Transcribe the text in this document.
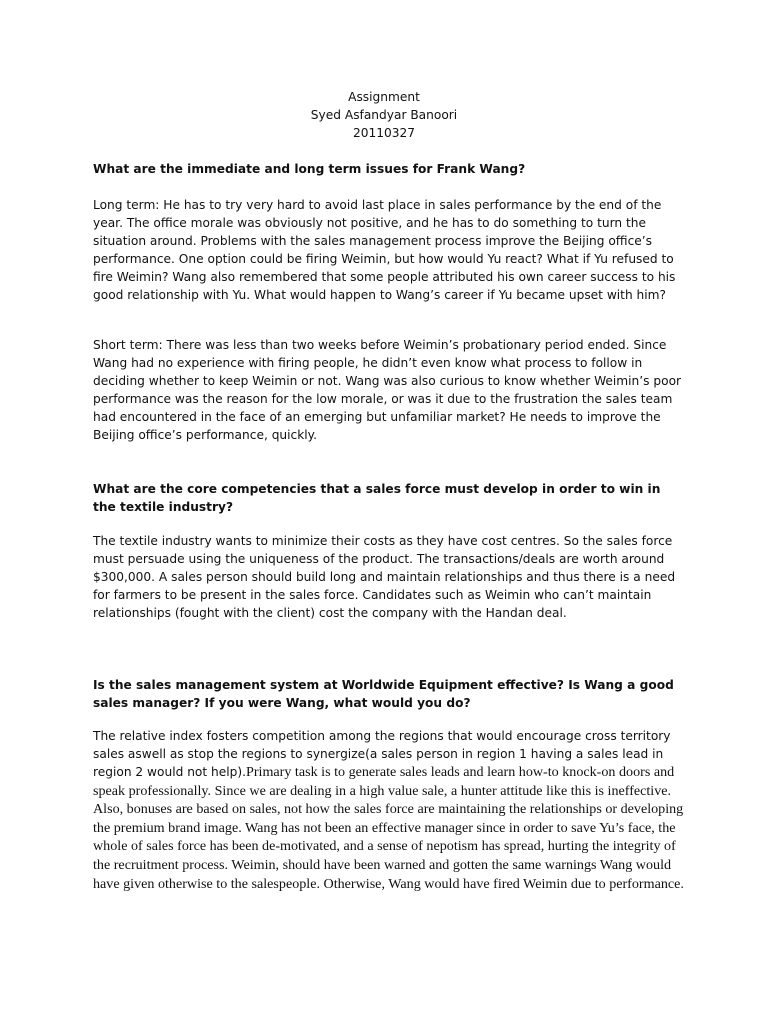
Assignment
Syed Asfandyar Banoori
20110327
What are the immediate and long term issues for Frank Wang?
Long term: He has to try very hard to avoid last place in sales performance by the end of the year. The office morale was obviously not positive, and he has to do something to turn the situation around. Problems with the sales management process improve the Beijing office’s performance. One option could be firing Weimin, but how would Yu react? What if Yu refused to fire Weimin? Wang also remembered that some people attributed his own career success to his good relationship with Yu. What would happen to Wang’s career if Yu became upset with him?
Short term: There was less than two weeks before Weimin’s probationary period ended. Since Wang had no experience with firing people, he didn’t even know what process to follow in deciding whether to keep Weimin or not. Wang was also curious to know whether Weimin’s poor performance was the reason for the low morale, or was it due to the frustration the sales team had encountered in the face of an emerging but unfamiliar market? He needs to improve the Beijing office’s performance, quickly.
What are the core competencies that a sales force must develop in order to win in the textile industry?
The textile industry wants to minimize their costs as they have cost centres. So the sales force must persuade using the uniqueness of the product. The transactions/deals are worth around $300,000. A sales person should build long and maintain relationships and thus there is a need for farmers to be present in the sales force. Candidates such as Weimin who can’t maintain relationships (fought with the client) cost the company with the Handan deal.
Is the sales management system at Worldwide Equipment effective? Is Wang a good sales manager? If you were Wang, what would you do?
The relative index fosters competition among the regions that would encourage cross territory sales aswell as stop the regions to synergize(a sales person in region 1 having a sales lead in region 2 would not help).Primary task is to generate sales leads and learn how-to knock-on doors and speak professionally. Since we are dealing in a high value sale, a hunter attitude like this is ineffective. Also, bonuses are based on sales, not how the sales force are maintaining the relationships or developing the premium brand image. Wang has not been an effective manager since in order to save Yu’s face, the whole of sales force has been de-motivated, and a sense of nepotism has spread, hurting the integrity of the recruitment process. Weimin, should have been warned and gotten the same warnings Wang would have given otherwise to the salespeople. Otherwise, Wang would have fired Weimin due to performance.
